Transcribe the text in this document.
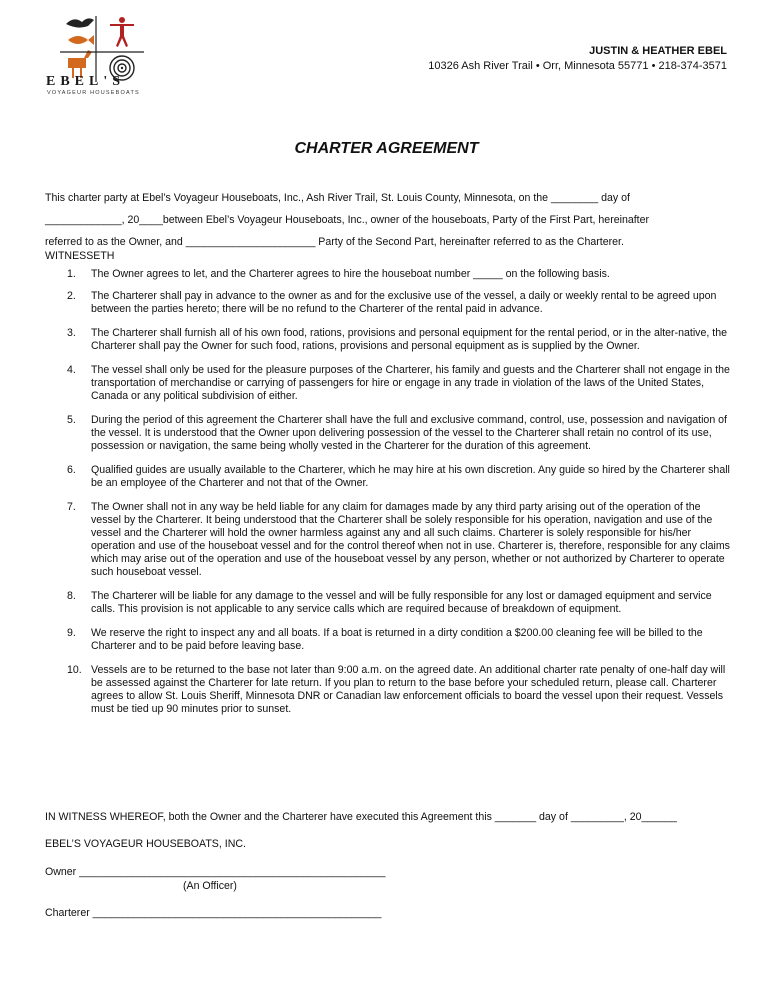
EBEL'S
VOYAGEUR HOUSEBOATS
JUSTIN & HEATHER EBEL
10326 Ash River Trail • Orr, Minnesota 55771 • 218-374-3571
CHARTER AGREEMENT

This charter party at Ebel’s Voyageur Houseboats, Inc., Ash River Trail, St. Louis County, Minnesota, on the ________ day of

_____________, 20____between Ebel’s Voyageur Houseboats, Inc., owner of the houseboats, Party of the First Part, hereinafter

referred to as the Owner, and ______________________ Party of the Second Part, hereinafter referred to as the Charterer.

WITNESSETH
1.	The Owner agrees to let, and the Charterer agrees to hire the houseboat number _____ on the following basis.
2.	The Charterer shall pay in advance to the owner as and for the exclusive use of the vessel, a daily or weekly rental to be agreed upon between the parties hereto; there will be no refund to the Charterer of the rental paid in advance.
3.	The Charterer shall furnish all of his own food, rations, provisions and personal equipment for the rental period, or in the alter-native, the Charterer shall pay the Owner for such food, rations, provisions and personal equipment as is supplied by the Owner.
4.	The vessel shall only be used for the pleasure purposes of the Charterer, his family and guests and the Charterer shall not engage in the transportation of merchandise or carrying of passengers for hire or engage in any trade in violation of the laws of the United States, Canada or any political subdivision of either.
5.	During the period of this agreement the Charterer shall have the full and exclusive command, control, use, possession and navigation of the vessel. It is understood that the Owner upon delivering possession of the vessel to the Charterer shall retain no control of its use, possession or navigation, the same being wholly vested in the Charterer for the duration of this agreement.
6.	Qualified guides are usually available to the Charterer, which he may hire at his own discretion. Any guide so hired by the Charterer shall be an employee of the Charterer and not that of the Owner.
7.	The Owner shall not in any way be held liable for any claim for damages made by any third party arising out of the operation of the vessel by the Charterer. It being understood that the Charterer shall be solely responsible for his operation, navigation and use of the vessel and the Charterer will hold the owner harmless against any and all such claims. Charterer is solely responsible for his/her operation and use of the houseboat vessel and for the control thereof when not in use. Charterer is, therefore, responsible for any claims which may arise out of the operation and use of the houseboat vessel by any person, whether or not authorized by Charterer to operate such houseboat vessel.
8.	The Charterer will be liable for any damage to the vessel and will be fully responsible for any lost or damaged equipment and service calls. This provision is not applicable to any service calls which are required because of breakdown of equipment.
9.	We reserve the right to inspect any and all boats. If a boat is returned in a dirty condition a $200.00 cleaning fee will be billed to the Charterer and to be paid before leaving base.
10. Vessels are to be returned to the base not later than 9:00 a.m. on the agreed date. An additional charter rate penalty of one-half day will be assessed against the Charterer for late return. If you plan to return to the base before your scheduled return, please call. Charterer agrees to allow St. Louis Sheriff, Minnesota DNR or Canadian law enforcement officials to board the vessel upon their request. Vessels must be tied up 90 minutes prior to sunset.
IN WITNESS WHEREOF, both the Owner and the Charterer have executed this Agreement this _______ day of _________, 20______
EBEL’S VOYAGEUR HOUSEBOATS, INC.
Owner ____________________________________________________
(An Officer)
Charterer _________________________________________________
